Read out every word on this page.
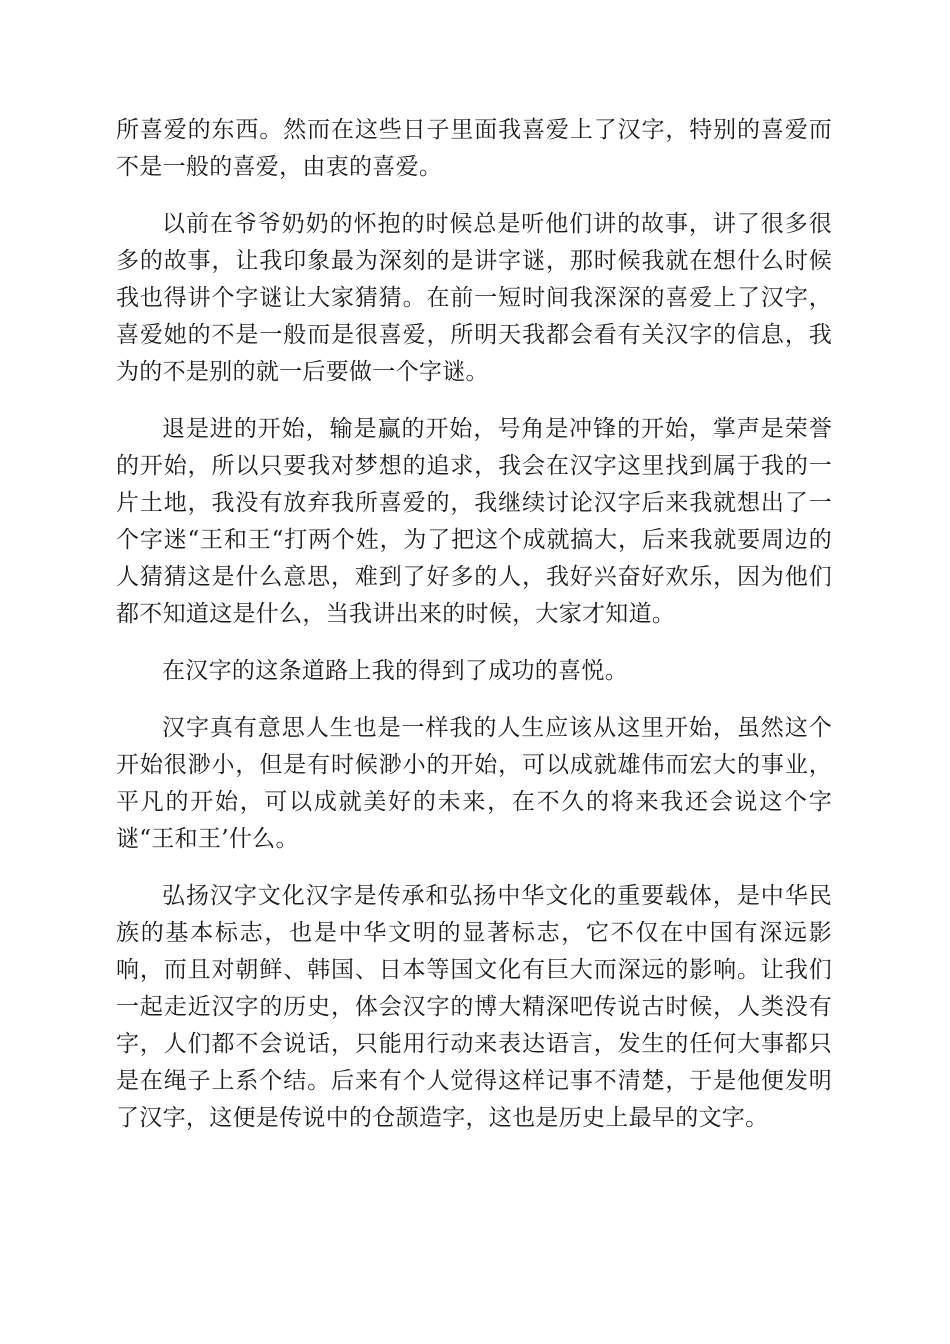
所喜爱的东西。然而在这些日子里面我喜爱上了汉字，特别的喜爱而不是一般的喜爱，由衷的喜爱。

以前在爷爷奶奶的怀抱的时候总是听他们讲的故事，讲了很多很多的故事，让我印象最为深刻的是讲字谜，那时候我就在想什么时候我也得讲个字谜让大家猜猜。在前一短时间我深深的喜爱上了汉字，喜爱她的不是一般而是很喜爱，所明天我都会看有关汉字的信息，我为的不是别的就一后要做一个字谜。

退是进的开始，输是赢的开始，号角是冲锋的开始，掌声是荣誉的开始，所以只要我对梦想的追求，我会在汉字这里找到属于我的一片土地，我没有放弃我所喜爱的，我继续讨论汉字后来我就想出了一个字迷“王和王“打两个姓，为了把这个成就搞大，后来我就要周边的人猜猜这是什么意思，难到了好多的人，我好兴奋好欢乐，因为他们都不知道这是什么，当我讲出来的时候，大家才知道。

在汉字的这条道路上我的得到了成功的喜悦。

汉字真有意思人生也是一样我的人生应该从这里开始，虽然这个开始很渺小，但是有时候渺小的开始，可以成就雄伟而宏大的事业，平凡的开始，可以成就美好的未来，在不久的将来我还会说这个字谜“王和王’什么。

弘扬汉字文化汉字是传承和弘扬中华文化的重要载体，是中华民族的基本标志，也是中华文明的显著标志，它不仅在中国有深远影响，而且对朝鲜、韩国、日本等国文化有巨大而深远的影响。让我们一起走近汉字的历史，体会汉字的博大精深吧传说古时候，人类没有字，人们都不会说话，只能用行动来表达语言，发生的任何大事都只是在绳子上系个结。后来有个人觉得这样记事不清楚，于是他便发明了汉字，这便是传说中的仓颉造字，这也是历史上最早的文字。
